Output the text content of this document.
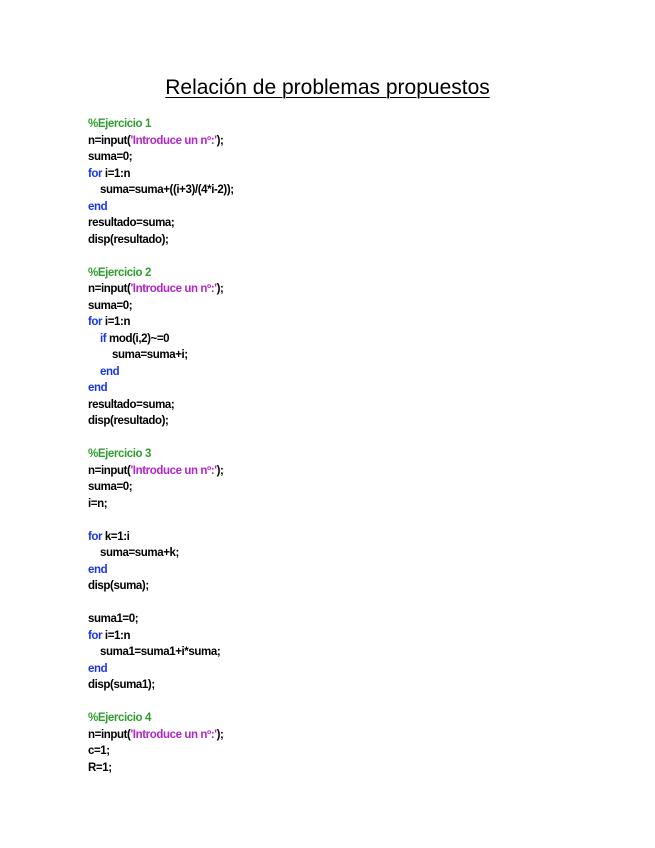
Relación de problemas propuestos
%Ejercicio 1
n=input('Introduce un nº:');
suma=0;
for i=1:n
suma=suma+((i+3)/(4*i-2));
end
resultado=suma;
disp(resultado);
%Ejercicio 2
n=input('Introduce un nº:');
suma=0;
for i=1:n
if mod(i,2)~=0
suma=suma+i;
end
end
resultado=suma;
disp(resultado);
%Ejercicio 3
n=input('Introduce un nº:');
suma=0;
i=n;
for k=1:i
suma=suma+k;
end
disp(suma);
suma1=0;
for i=1:n
suma1=suma1+i*suma;
end
disp(suma1);
%Ejercicio 4
n=input('Introduce un nº:');
c=1;
R=1;
